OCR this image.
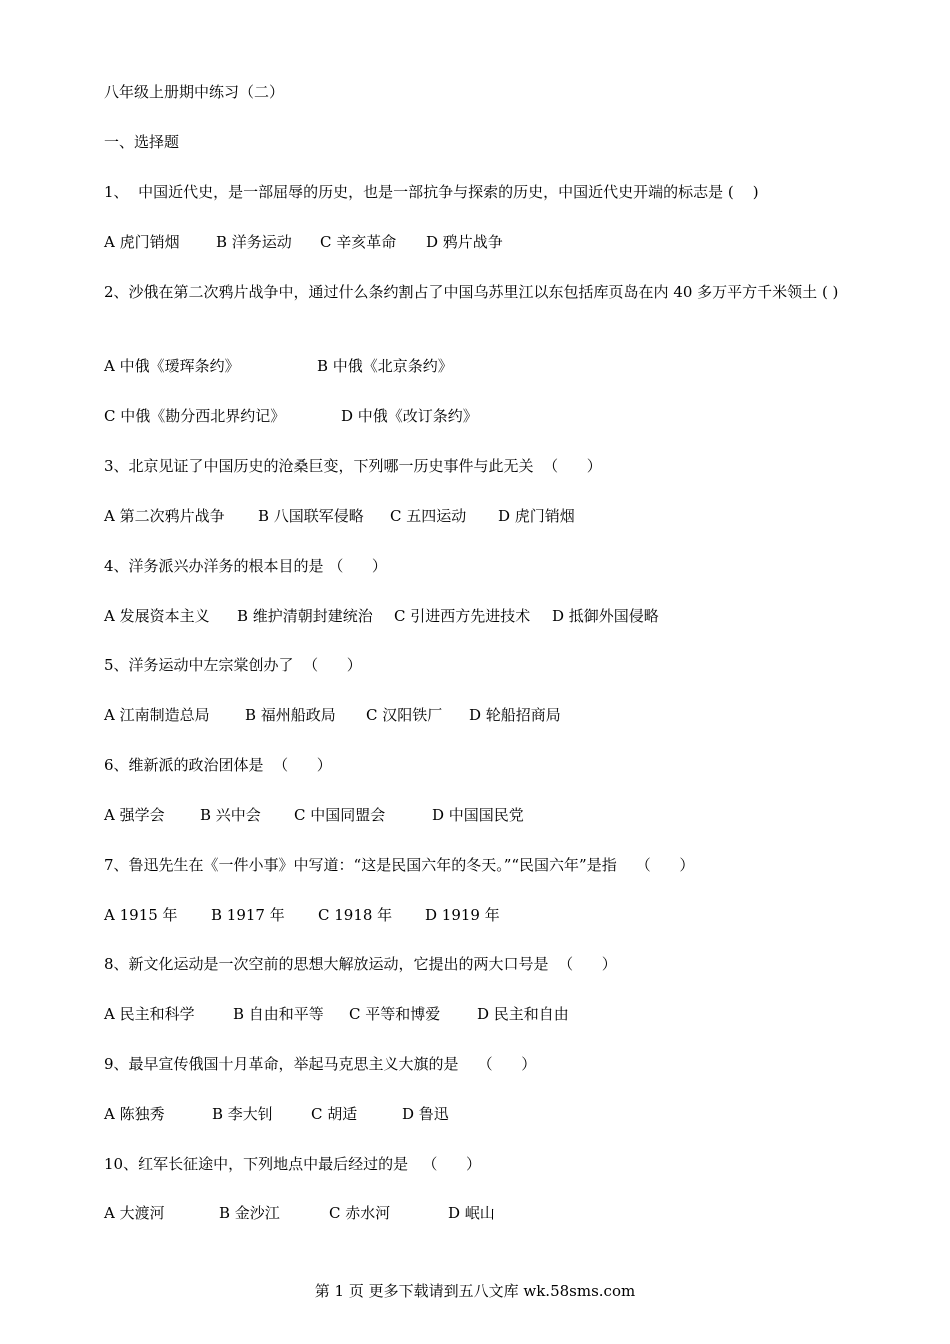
八年级上册期中练习（二）
一、选择题
1、  中国近代史，是一部屈辱的历史，也是一部抗争与探索的历史，中国近代史开端的标志是 (    )
A 虎门销烟 B 洋务运动 C 辛亥革命 D 鸦片战争
2、沙俄在第二次鸦片战争中，通过什么条约割占了中国乌苏里江以东包括库页岛在内 40 多万平方千米领土 ( )
A 中俄《瑷珲条约》	B 中俄《北京条约》
C 中俄《勘分西北界约记》	D 中俄《改订条约》
3、北京见证了中国历史的沧桑巨变，下列哪一历史事件与此无关  （      ）
A 第二次鸦片战争 B 八国联军侵略 C 五四运动 D 虎门销烟
4、洋务派兴办洋务的根本目的是 （      ）
A 发展资本主义 B 维护清朝封建统治 C 引进西方先进技术 D 抵御外国侵略
5、洋务运动中左宗棠创办了  （      ）
A 江南制造总局 B 福州船政局 C 汉阳铁厂 D 轮船招商局
6、维新派的政治团体是  （      ）
A 强学会 B 兴中会 C 中国同盟会	D 中国国民党
7、鲁迅先生在《一件小事》中写道：“这是民国六年的冬天。”“民国六年”是指    （      ）
A 1915 年 B 1917 年 C 1918 年 D 1919 年
8、新文化运动是一次空前的思想大解放运动，它提出的两大口号是  （      ）
A 民主和科学	B 自由和平等 C 平等和博爱 D 民主和自由
9、最早宣传俄国十月革命，举起马克思主义大旗的是    （      ）
A 陈独秀	B 李大钊	C 胡适	D 鲁迅
10、红军长征途中，下列地点中最后经过的是   （      ）
A 大渡河	B 金沙江	C 赤水河	D 岷山
第 1 页 更多下载请到五八文库 wk.58sms.com
